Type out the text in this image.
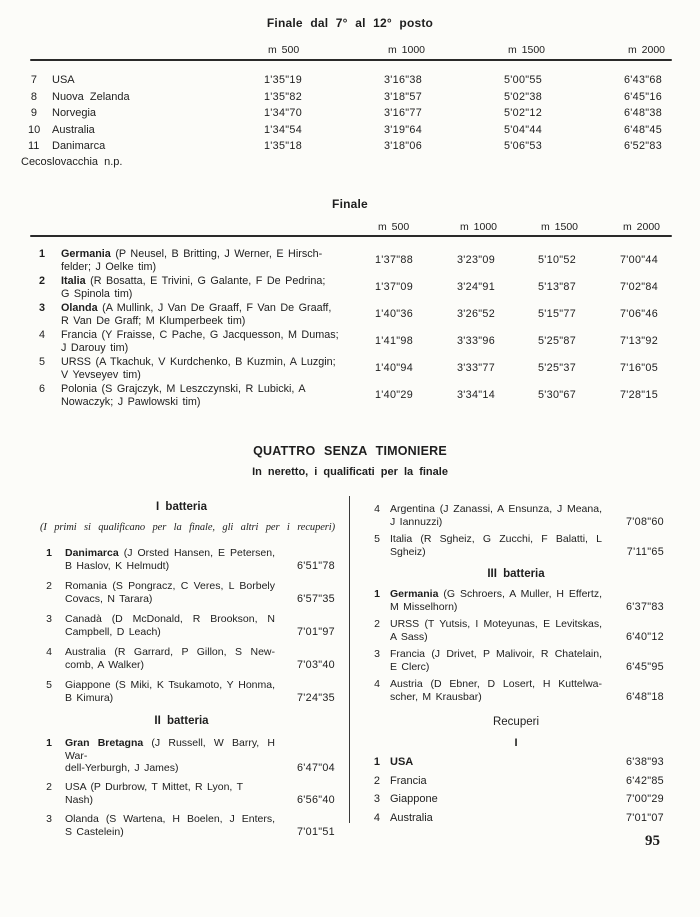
Finale dal 7° al 12° posto
m 500	m 1000	m 1500	m 2000
7	USA	1'35"19	3'16"38	5'00"55	6'43"68
8	Nuova Zelanda	1'35"82	3'18"57	5'02"38	6'45"16
9	Norvegia	1'34"70	3'16"77	5'02"12	6'48"38
10	Australia	1'34"54	3'19"64	5'04"44	6'48"45
11	Danimarca	1'35"18	3'18"06	5'06"53	6'52"83
Cecoslovacchia n.p.
Finale
m 500	m 1000	m 1500	m 2000
1	Germania (P Neusel, B Britting, J Werner, E Hirsch-
felder; J Oelke tim)
1'37"88	3'23"09	5'10"52	7'00"44
2	Italia (R Bosatta, E Trivini, G Galante, F De Pedrina;
G Spinola tim)
1'37"09	3'24"91	5'13"87	7'02"84
3	Olanda (A Mullink, J Van De Graaff, F Van De Graaff,
R Van De Graff; M Klumperbeek tim)
1'40"36	3'26"52	5'15"77	7'06"46
4	Francia (Y Fraisse, C Pache, G Jacquesson, M Dumas;
J Darouy tim)
1'41"98	3'33"96	5'25"87	7'13"92
5	URSS (A Tkachuk, V Kurdchenko, B Kuzmin, A Luzgin;
V Yevseyev tim)
1'40"94	3'33"77	5'25"37	7'16"05
6	Polonia (S Grajczyk, M Leszczynski, R Lubicki, A
Nowaczyk; J Pawlowski tim)
1'40"29	3'34"14	5'30"67	7'28"15
QUATTRO SENZA TIMONIERE
In neretto, i qualificati per la finale
I batteria
(I primi si qualificano per la finale, gli altri per i recuperi)
1 Danimarca (J Orsted Hansen, E Petersen,
B Haslov, K Helmudt)	6'51"78
2 Romania (S Pongracz, C Veres, L Borbely
Covacs, N Tarara)	6'57"35
3 Canadà (D McDonald, R Brookson, N
Campbell, D Leach)	7'01"97
4 Australia (R Garrard, P Gillon, S New-
comb, A Walker)	7'03"40
5 Giappone (S Miki, K Tsukamoto, Y Honma,
B Kimura)	7'24"35
II batteria
1 Gran Bretagna (J Russell, W Barry, H War-
dell-Yerburgh, J James)	6'47"04
2 USA (P Durbrow, T Mittet, R Lyon, T Nash)	6'56"40
3 Olanda (S Wartena, H Boelen, J Enters,
S Castelein)	7'01"51
4 Argentina (J Zanassi, A Ensunza, J Meana,
J Iannuzzi)	7'08"60
5 Italia (R Sgheiz, G Zucchi, F Balatti, L
Sgheiz)	7'11"65
III batteria
1 Germania (G Schroers, A Muller, H Effertz,
M Misselhorn)	6'37"83
2 URSS (T Yutsis, I Moteyunas, E Levitskas,
A Sass)	6'40"12
3 Francia (J Drivet, P Malivoir, R Chatelain,
E Clerc)	6'45"95
4 Austria (D Ebner, D Losert, H Kuttelwa-
scher, M Krausbar)	6'48"18
Recuperi
I
1 USA	6'38"93
2 Francia	6'42"85
3 Giappone	7'00"29
4 Australia	7'01"07
95
